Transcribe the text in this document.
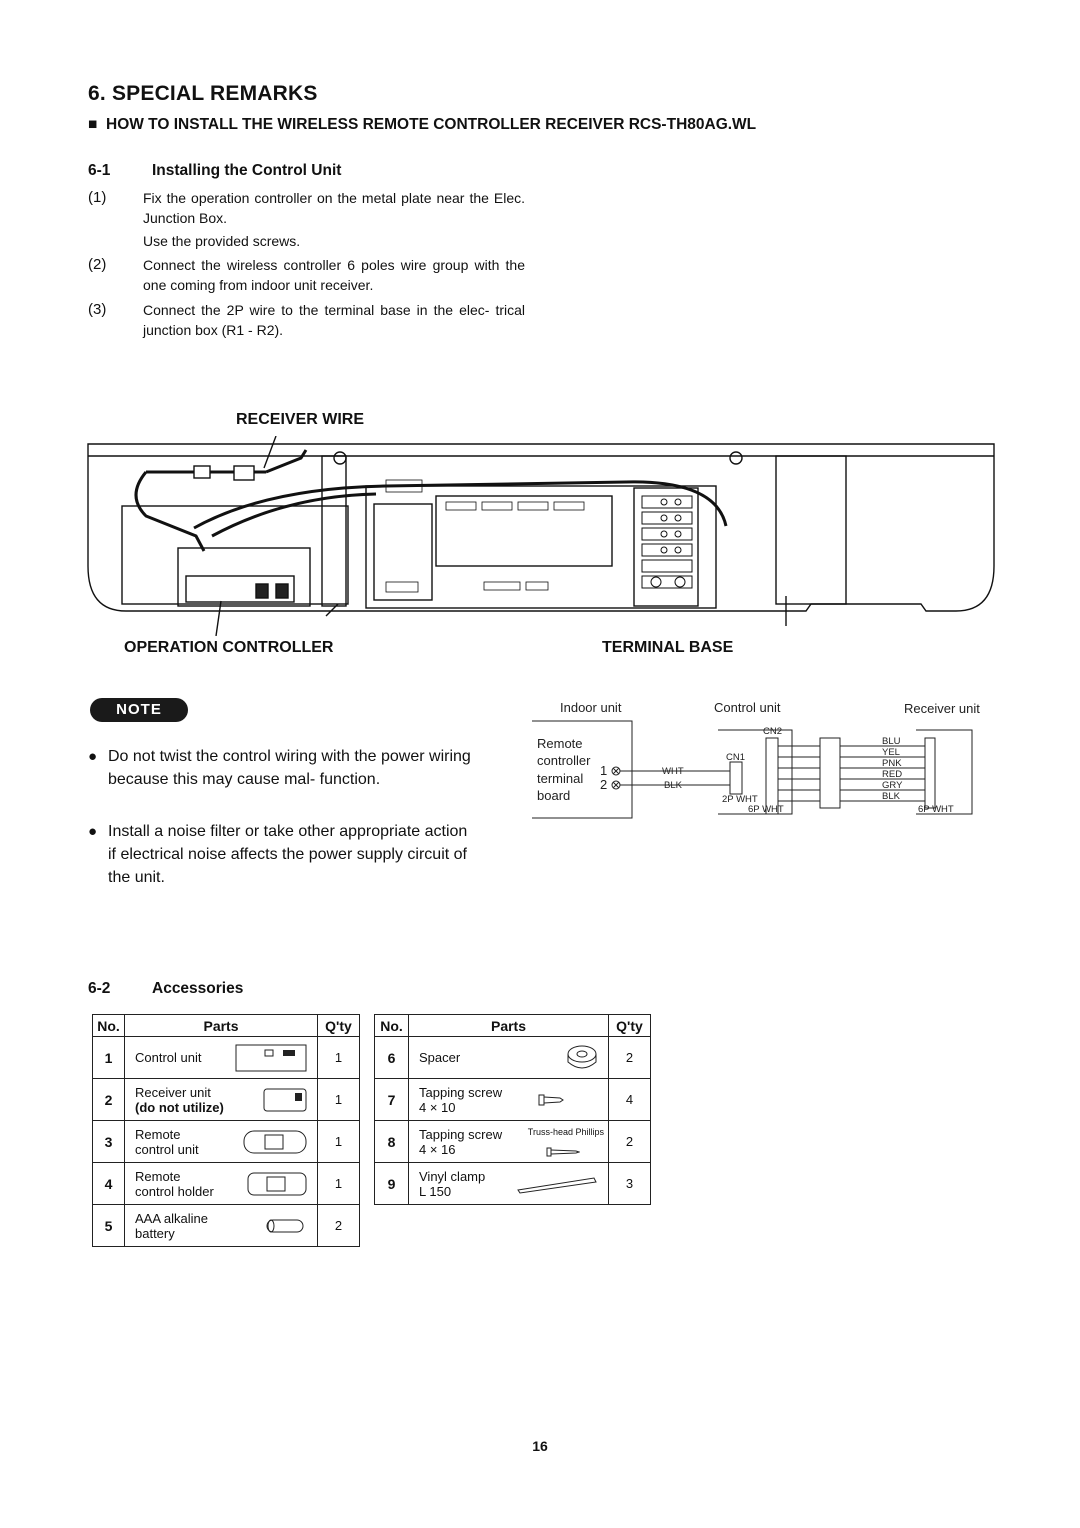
6. SPECIAL REMARKS
■ HOW TO INSTALL THE WIRELESS REMOTE CONTROLLER RECEIVER RCS-TH80AG.WL
6-1	Installing the Control Unit
(1)	Fix the operation controller on the metal plate near the Elec. Junction Box.
Use the provided screws.
(2)	Connect the wireless controller 6 poles wire group with the one coming from indoor unit receiver.
(3)	Connect the 2P wire to the terminal base in the elec- trical junction box (R1 - R2).
RECEIVER WIRE
OPERATION CONTROLLER	TERMINAL BASE
NOTE
● Do not twist the control wiring with the power wiring because this may cause mal- function.
● Install a noise filter or take other appropriate action if electrical noise affects the power supply circuit of the unit.
Indoor unit	Control unit	Receiver unit
Remote
controller
terminal
board
1
2
WHT
BLK
CN1
CN2
2P WHT
6P WHT	6P WHT
BLU
YEL
PNK
RED
GRY
BLK
6-2	Accessories
No.	Parts	Q'ty
1	Control unit	1
2	Receiver unit
(do not utilize)	1
3	Remote
control unit	1
4	Remote
control holder	1
5	AAA alkaline
battery	2
No.	Parts	Q'ty
6	Spacer	2
7	Tapping screw
4 × 10	4
8	Tapping screw
4 × 16
Truss-head Phillips	2
9	Vinyl clamp
L 150	3
16
